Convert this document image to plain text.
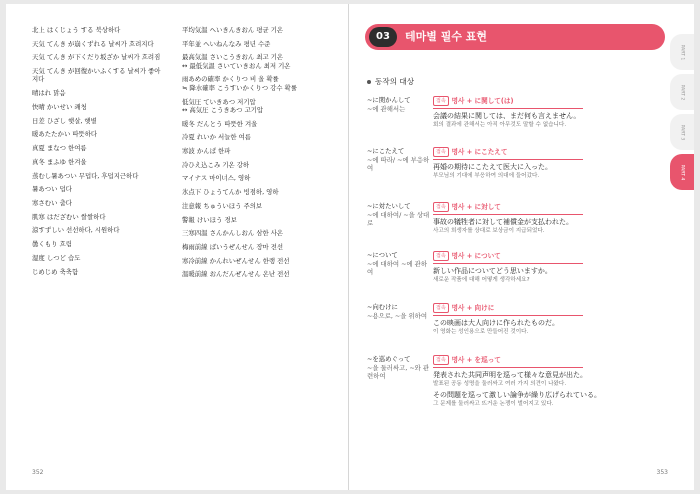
北上 はくじょう する 북상하다
天気 てんき が崩くずれる 날씨가 흐려지다
天気 てんき が下くだり坂ざか 날씨가 흐려짐
天気 てんき が回復かいふくする 날씨가 좋아지다
晴はれ 맑음
快晴 かいせい 쾌청
日差 ひざし 햇살, 햇볕
暖あたたかい 따뜻하다
真夏 まなつ 한여름
真冬 まふゆ 한겨울
蒸むし暑あつい 무덥다, 후덥지근하다
暑あつい 덥다
寒さむい 춥다
肌寒 はだざむい 쌀쌀하다
涼すずしい 선선하다, 시원하다
曇くもり 흐림
湿度 しつど 습도
じめじめ 축축함
平均気温 へいきんきおん 평균 기온
平年並 へいねんなみ 평년 수준
最高気温 さいこうきおん 최고 기온
↔ 最低気温 さいていきおん 최저 기온
雨あめの確率 かくりつ 비 올 확률
≒ 降水確率 こうすいかくりつ 강수 확률
低気圧 ていきあつ 저기압
↔ 高気圧 こうきあつ 고기압
暖冬 だんとう 따뜻한 겨울
冷夏 れいか 서늘한 여름
寒波 かんぱ 한파
冷ひえ込こみ 기온 강하
マイナス 마이너스, 영하
氷点下 ひょうてんか 빙점하, 영하
注意報 ちゅういほう 주의보
警報 けいほう 경보
三寒四温 さんかんしおん 삼한 사온
梅雨前線 ばいうぜんせん 장마 전선
寒冷前線 かんれいぜんせん 한랭 전선
温暖前線 おんだんぜんせん 온난 전선
352
03	테마별 필수 표현
동작의 대상
~に関かんして
~에 관해서는
접속 명사 + に関して(は)
会議の結果に関しては、まだ何も言えません。
회의 결과에 관해서는 아직 아무것도 말할 수 없습니다.
~にこたえて
~에 따라/ ~에 부응하여
접속 명사 + にこたえて
再婚の期待にこたえて医大に入った。
부모님의 기대에 부응하여 의대에 들어갔다.
~に対たいして
~에 대하여/ ~을 상대로
접속 명사 + に対して
事故の犠牲者に対して補償金が支払われた。
사고의 희생자를 상대로 보상금이 지급되었다.
~について
~에 대하여 ~에 관하여
접속 명사 + について
新しい作品についてどう思いますか。
새로운 작품에 대해 어떻게 생각하세요?
~向むけに
~용으로, ~을 위하여
접속 명사 + 向けに
この映画は大人向けに作られたものだ。
이 영화는 성인용으로 만들어진 것이다.
~を巡めぐって
~을 둘러싸고, ~와 관련하여
접속 명사 + を巡って
発表された共同声明を巡って様々な意見が出た。
발표된 공동 성명을 둘러싸고 여러 가지 의견이 나왔다.
その問題を巡って激しい論争が繰り広げられている。
그 문제를 둘러싸고 뜨거운 논쟁이 벌어지고 있다.
PART 1
PART 2
PART 3
PART 4
353
